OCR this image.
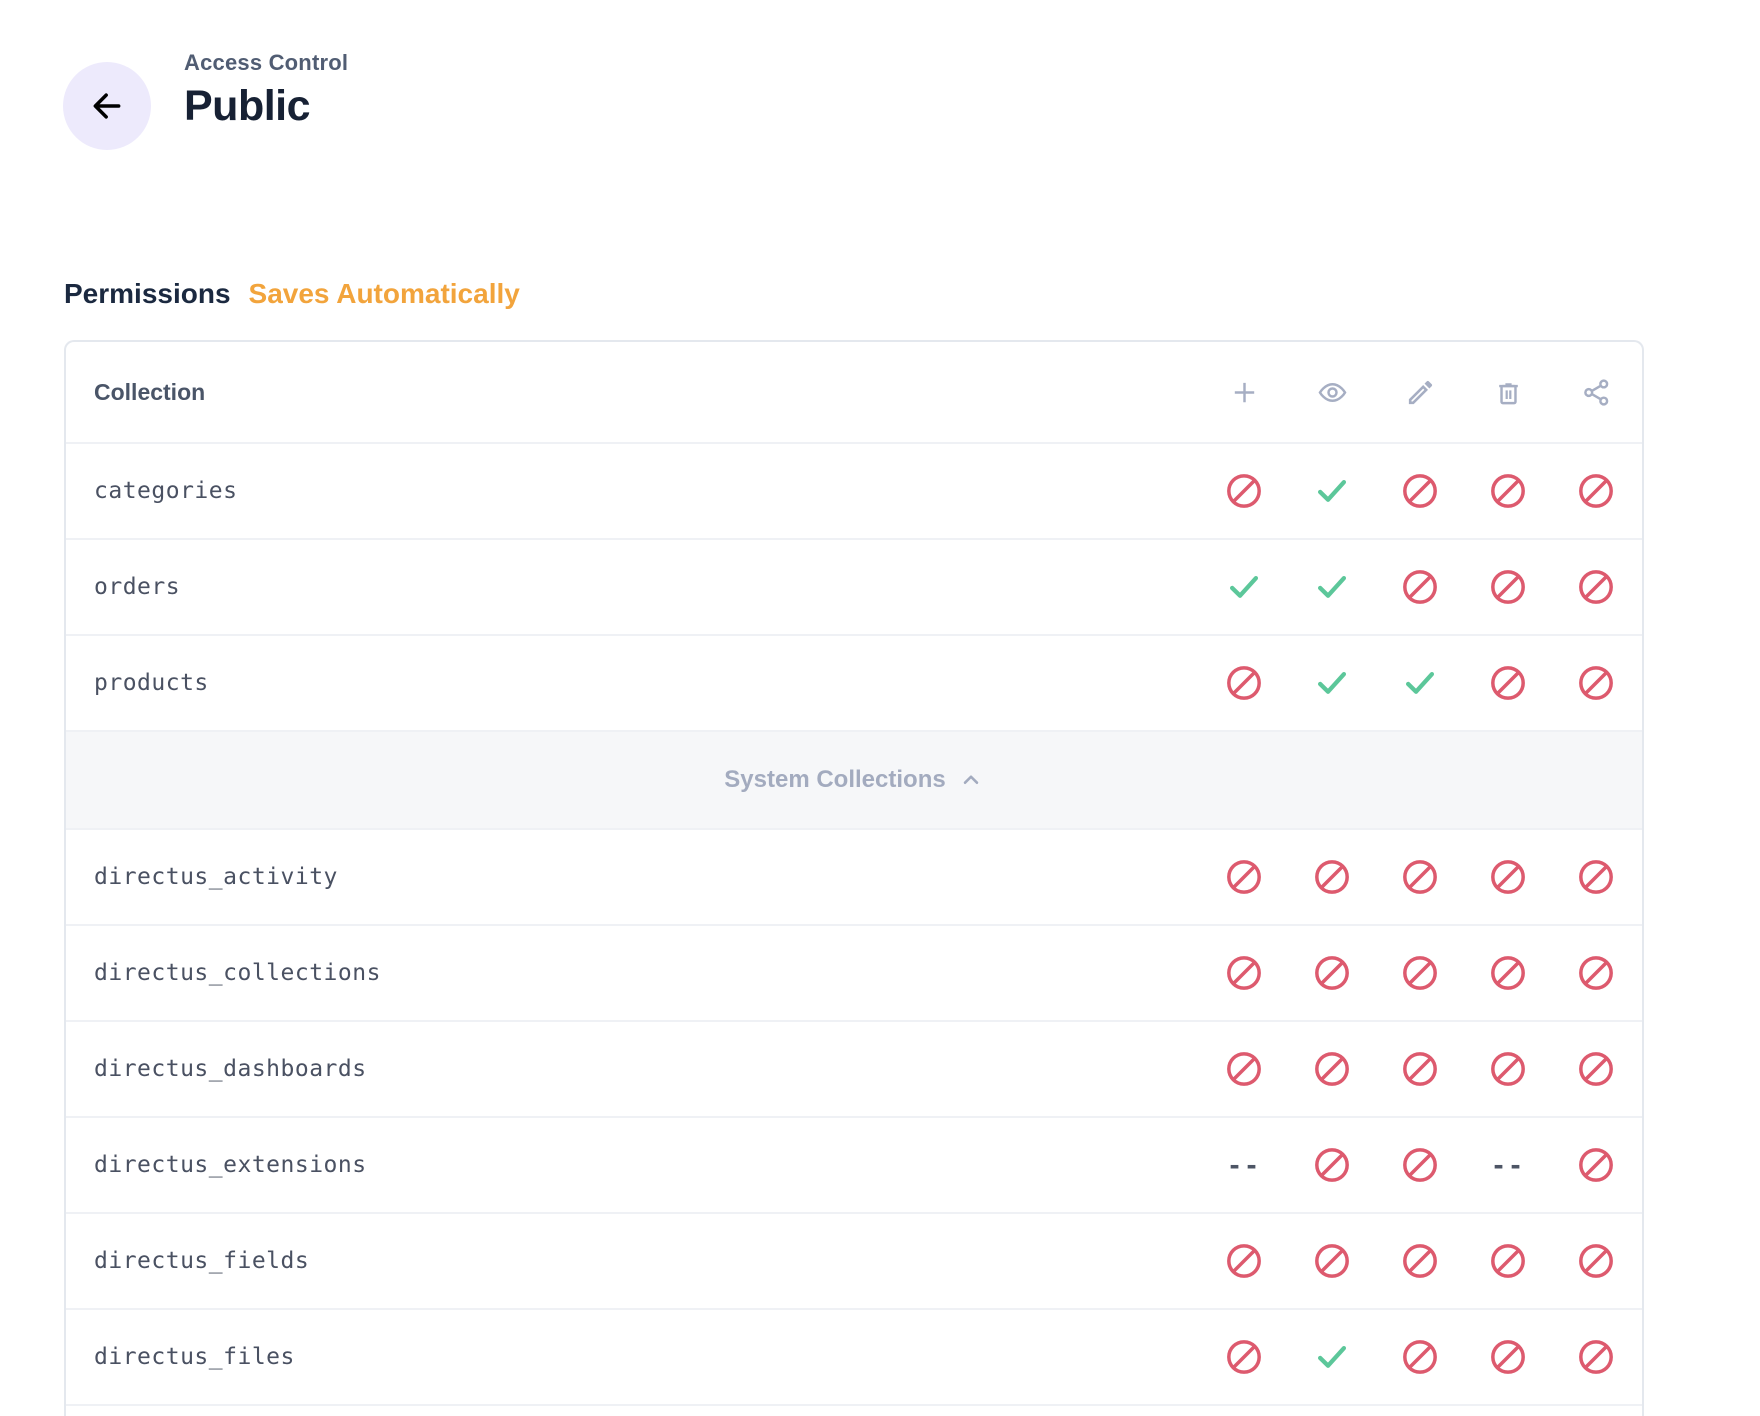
Access Control
Public
Permissions Saves Automatically
Collection
categories
orders
products
System Collections
directus_activity
directus_collections
directus_dashboards
directus_extensions	--	--
directus_fields
directus_files
